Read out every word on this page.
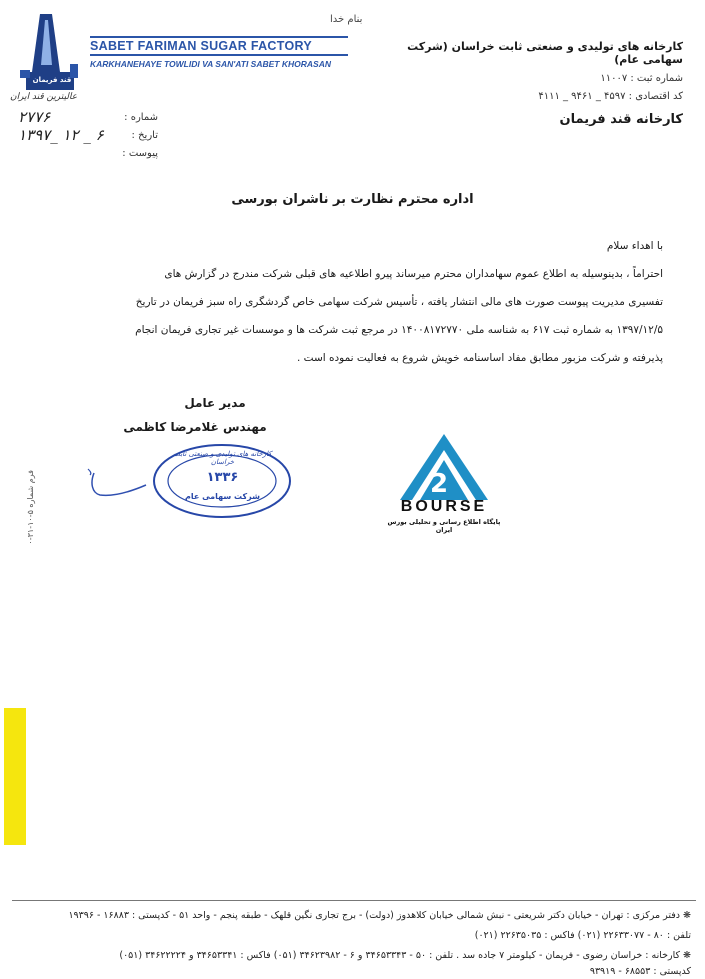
بنام خدا
قند فریمان
SABET FARIMAN SUGAR FACTORY
KARKHANEHAYE TOWLIDI VA SAN'ATI SABET KHORASAN
عالیترین قند ایران
کارخانه های تولیدی و صنعتی ثابت خراسان (شرکت سهامی عام)
شماره ثبت : ۱۱۰۰۷
کد اقتصادی : ۴۵۹۷ _ ۹۴۶۱ _ ۴۱۱۱
کارخانه قند فریمان
۲۷۷۶	شماره :
۱۳۹۷_ ۱۲ _ ۶	تاریخ :
پیوست :
اداره محترم نظارت بر ناشران بورسی
با اهداء سلام
احتراماً ، بدینوسیله به اطلاع عموم سهامداران محترم میرساند پیرو اطلاعیه های قبلی شرکت مندرج در گزارش های
تفسیری مدیریت پیوست صورت های مالی انتشار یافته ، تأسیس شرکت سهامی خاص گردشگری راه سبز فریمان در تاریخ
۱۳۹۷/۱۲/۵ به شماره ثبت ۶۱۷ به شناسه ملی ۱۴۰۰۸۱۷۲۷۷۰ در مرجع ثبت شرکت ها و موسسات غیر تجاری فریمان انجام
پذیرفته و شرکت مزبور مطابق مفاد اساسنامه خویش شروع به فعالیت نموده است .
مدیر عامل
مهندس غلامرضا کاظمی
کارخانه های تولیدی و صنعتی ثابت خراسان
۱۳۳۶
شرکت سهامی عام	2
BOURSE
پایگاه اطلاع رسانی و تحلیلی بورس ایران
فرم شماره ۵-۱۰-۳۱-۰
❋ دفتر مرکزی : تهران - خیابان دکتر شریعتی - نبش شمالی خیابان کلاهدوز (دولت) - برج تجاری نگین قلهک - طبقه پنجم - واحد ۵۱ - کدپستی : ۱۶۸۸۳ - ۱۹۳۹۶
تلفن : ۸۰ - ۲۲۶۳۳۰۷۷ (۰۲۱) فاکس : ۲۲۶۳۵۰۳۵ (۰۲۱)
❋ کارخانه : خراسان رضوی - فریمان - کیلومتر ۷ جاده سد . تلفن : ۵۰ - ۳۴۶۵۳۳۴۳ و ۶ - ۳۴۶۲۳۹۸۲ (۰۵۱) فاکس : ۳۴۶۵۳۳۴۱ و ۳۴۶۲۲۲۲۴ (۰۵۱)
کدپستی : ۶۸۵۵۳ - ۹۳۹۱۹
